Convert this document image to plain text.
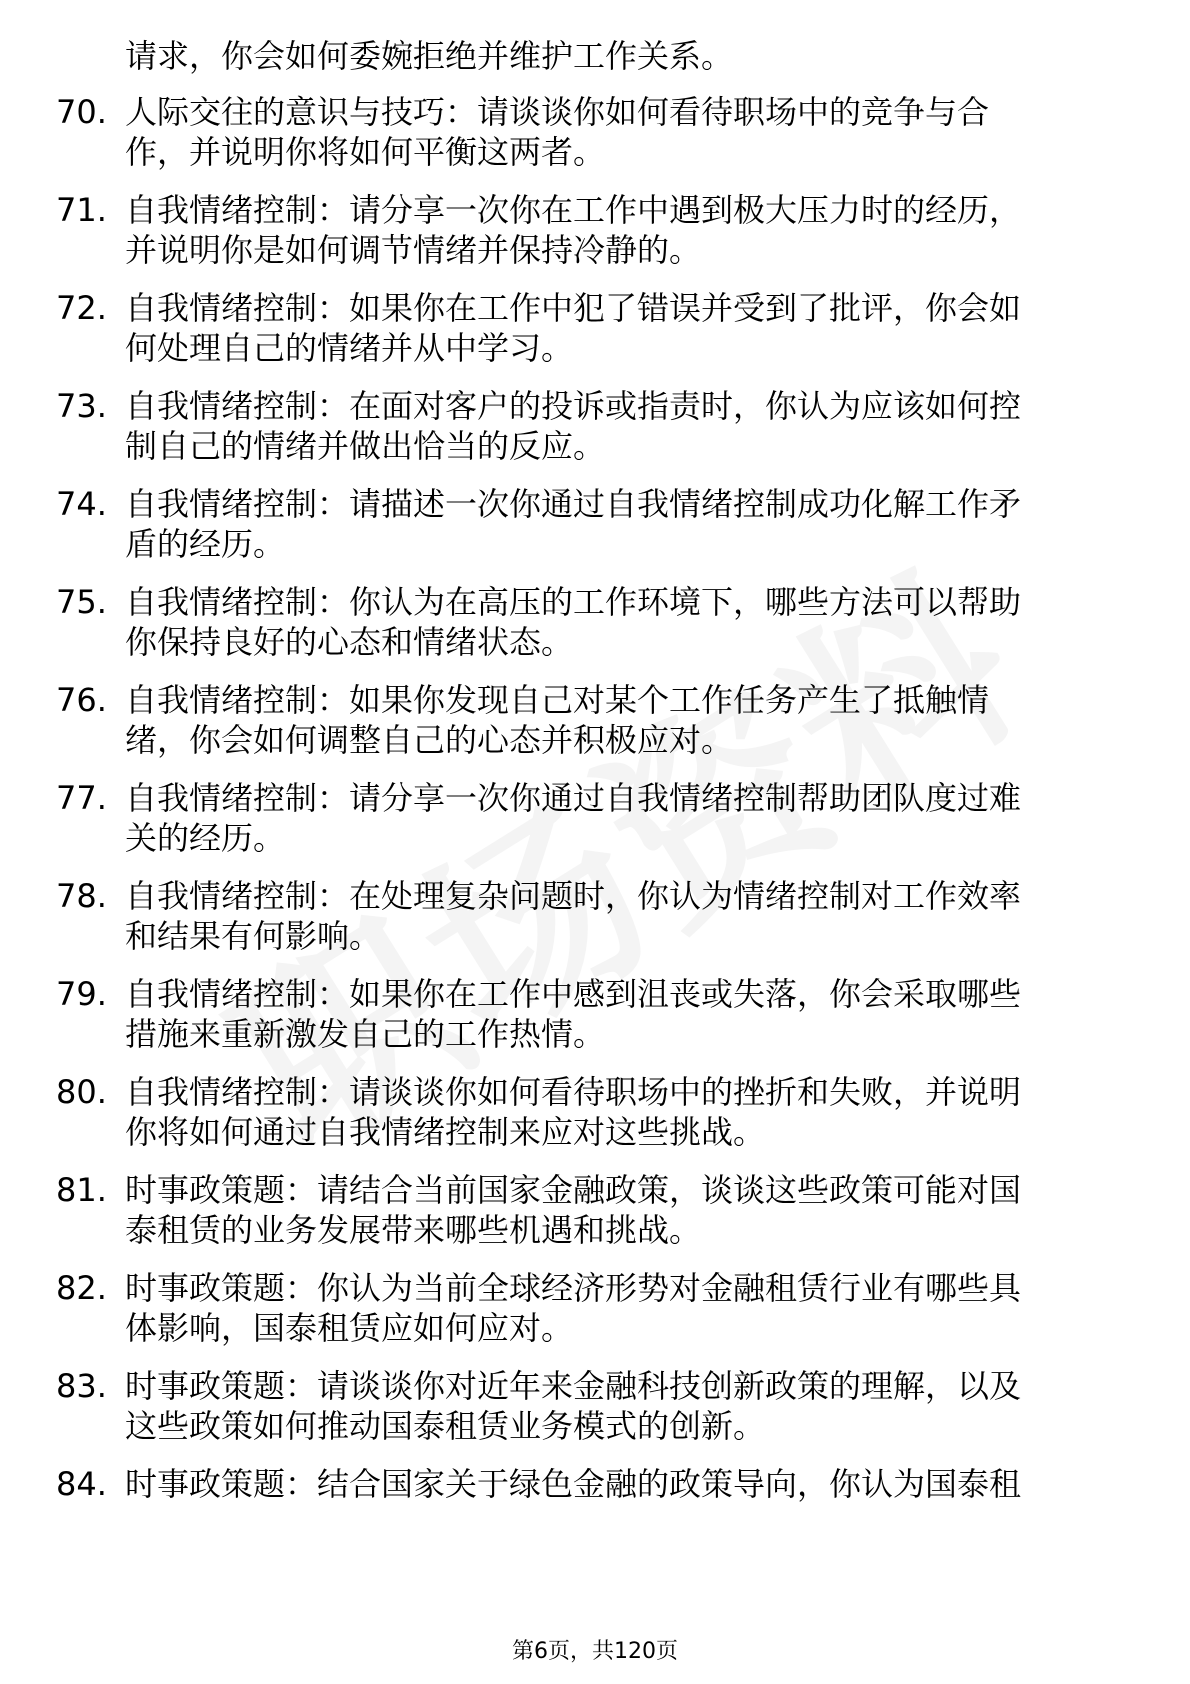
请求，你会如何委婉拒绝并维护工作关系。
70. 人际交往的意识与技巧：请谈谈你如何看待职场中的竞争与合
作，并说明你将如何平衡这两者。
71. 自我情绪控制：请分享一次你在工作中遇到极大压力时的经历，
并说明你是如何调节情绪并保持冷静的。
72. 自我情绪控制：如果你在工作中犯了错误并受到了批评，你会如
何处理自己的情绪并从中学习。
73. 自我情绪控制：在面对客户的投诉或指责时，你认为应该如何控
制自己的情绪并做出恰当的反应。
74. 自我情绪控制：请描述一次你通过自我情绪控制成功化解工作矛
盾的经历。
75. 自我情绪控制：你认为在高压的工作环境下，哪些方法可以帮助
你保持良好的心态和情绪状态。
76. 自我情绪控制：如果你发现自己对某个工作任务产生了抵触情
绪，你会如何调整自己的心态并积极应对。
77. 自我情绪控制：请分享一次你通过自我情绪控制帮助团队度过难
关的经历。
78. 自我情绪控制：在处理复杂问题时，你认为情绪控制对工作效率
和结果有何影响。
79. 自我情绪控制：如果你在工作中感到沮丧或失落，你会采取哪些
措施来重新激发自己的工作热情。
80. 自我情绪控制：请谈谈你如何看待职场中的挫折和失败，并说明
你将如何通过自我情绪控制来应对这些挑战。
81. 时事政策题：请结合当前国家金融政策，谈谈这些政策可能对国
泰租赁的业务发展带来哪些机遇和挑战。
82. 时事政策题：你认为当前全球经济形势对金融租赁行业有哪些具
体影响，国泰租赁应如何应对。
83. 时事政策题：请谈谈你对近年来金融科技创新政策的理解，以及
这些政策如何推动国泰租赁业务模式的创新。
84. 时事政策题：结合国家关于绿色金融的政策导向，你认为国泰租
第6页，共120页
